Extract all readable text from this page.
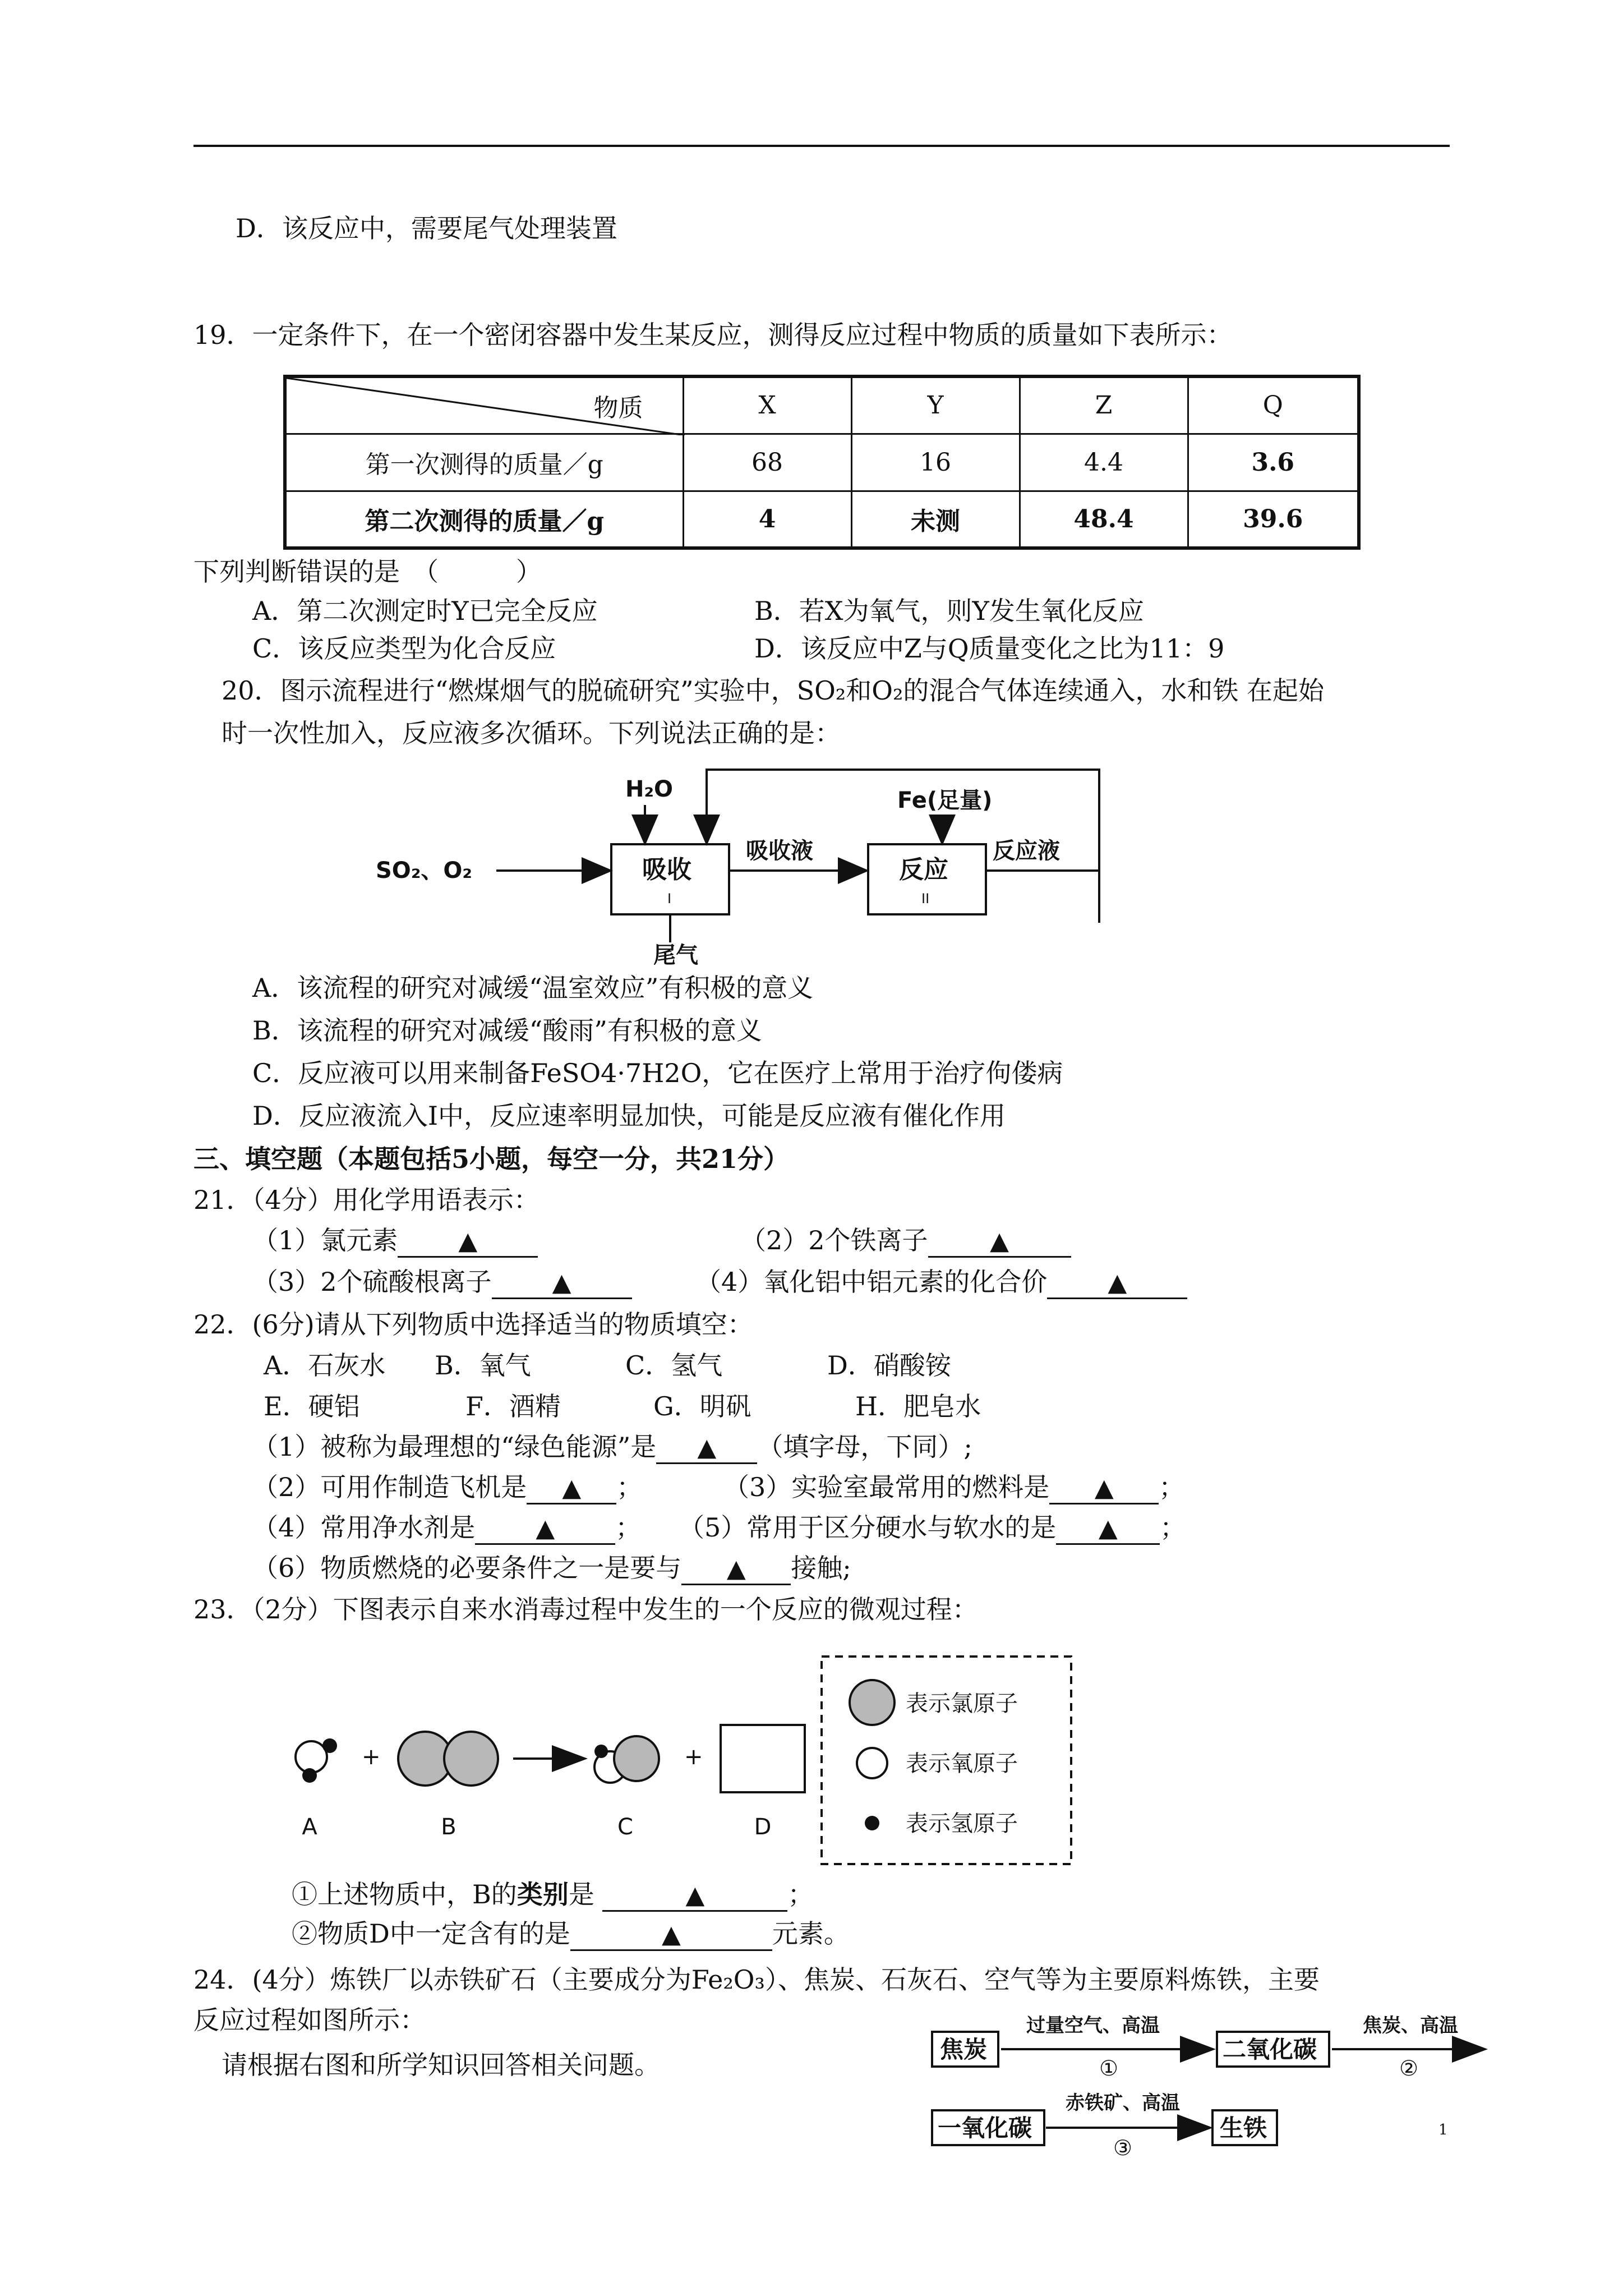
D．该反应中，需要尾气处理装置
19．一定条件下，在一个密闭容器中发生某反应，测得反应过程中物质的质量如下表所示：
物质	X	Y	Z	Q
第一次测得的质量／g	68	16	4.4	3.6
第二次测得的质量／g	4	未测	48.4	39.6
下列判断错误的是　（　　　）
A．第二次测定时Y已完全反应	B．若X为氧气，则Y发生氧化反应
C．该反应类型为化合反应	D．该反应中Z与Q质量变化之比为11：9
20．图示流程进行“燃煤烟气的脱硫研究”实验中，SO₂和O₂的混合气体连续通入，水和铁 在起始
时一次性加入，反应液多次循环。下列说法正确的是：
H₂O	Fe(足量)
SO₂、O₂	吸收
I
吸收液
反应
II
反应液
尾气
A．该流程的研究对减缓“温室效应”有积极的意义
B．该流程的研究对减缓“酸雨”有积极的意义
C．反应液可以用来制备FeSO4·7H2O，它在医疗上常用于治疗佝偻病
D．反应液流入Ⅰ中，反应速率明显加快，可能是反应液有催化作用
三、填空题（本题包括5小题，每空一分，共21分）
21．（4分）用化学用语表示：
（1）氯元素 ▲	（2）2个铁离子	▲
（3）2个硫酸根离子 ▲	（4）氧化铝中铝元素的化合价 ▲
22．(6分)请从下列物质中选择适当的物质填空：
A．石灰水 B．氧气	C．氢气	D．硝酸铵
E．硬铝	F．酒精	G．明矾	H．肥皂水
（1）被称为最理想的“绿色能源”是 ▲ （填字母，下同）;
（2）可用作制造飞机是 ▲ ；	（3）实验室最常用的燃料是 ▲ ；
（4）常用净水剂是 ▲ ； （5）常用于区分硬水与软水的是 ▲ ；
（6）物质燃烧的必要条件之一是要与 ▲ 接触;
23．（2分）下图表示自来水消毒过程中发生的一个反应的微观过程：
+	+
A	B	C	D
表示氯原子
表示氧原子
表示氢原子
①上述物质中，B的类别是	▲	；
②物质D中一定含有的是	▲	元素。
24．(4分）炼铁厂以赤铁矿石（主要成分为Fe₂O₃）、焦炭、石灰石、空气等为主要原料炼铁，主要
反应过程如图所示：
请根据右图和所学知识回答相关问题。
焦炭
过量空气、高温
①
二氧化碳
焦炭、高温
②
一氧化碳
赤铁矿、高温
③
生铁	1
